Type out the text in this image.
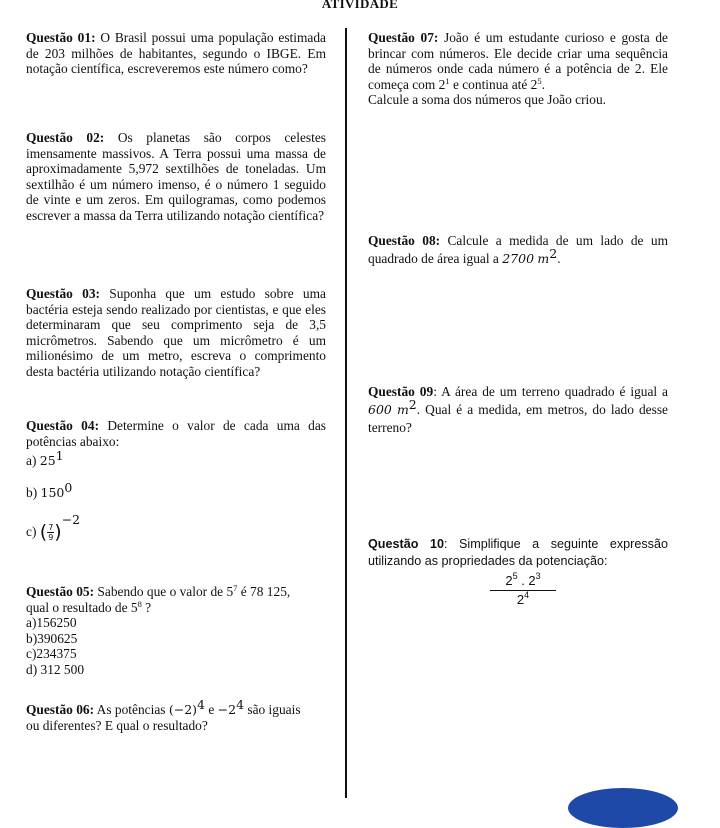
ATIVIDADE
Questão 01: O Brasil possui uma população estimada de 203 milhões de habitantes, segundo o IBGE. Em notação científica, escreveremos este número como?
Questão 02: Os planetas são corpos celestes imensamente massivos. A Terra possui uma massa de aproximadamente 5,972 sextilhões de toneladas. Um sextilhão é um número imenso, é o número 1 seguido de vinte e um zeros. Em quilogramas, como podemos escrever a massa da Terra utilizando notação científica?
Questão 03: Suponha que um estudo sobre uma bactéria esteja sendo realizado por cientistas, e que eles determinaram que seu comprimento seja de 3,5 micrômetros. Sabendo que um micrômetro é um milionésimo de um metro, escreva o comprimento desta bactéria utilizando notação científica?
Questão 04: Determine o valor de cada uma das potências abaixo:
a) $25^1$
b) $150^0$
c) ( $\frac{7}{9} )^{-2}$
Questão 05: Sabendo que o valor de $5^7$ é 78 125,
qual o resultado de $5^8$ ?
a)156250
b)390625
c)234375
d) 312 500
Questão 06: As potências $(-2)^4$ $e -2^4$ são iguais
ou diferentes? E qual o resultado?
Questão 07: João é um estudante curioso e gosta de brincar com números. Ele decide criar uma sequência de números onde cada número é a potência de 2. Ele começa com $2^1$ e continua até $2^5$.
Calcule a soma dos números que João criou.
Questão 08: Calcule a medida de um lado de um quadrado de área igual a 2700 $m^2$.
Questão 09: A área de um terreno quadrado é igual a 600 $m^2$. Qual é a medida, em metros, do lado desse terreno?
Questão 10: Simplifique a seguinte expressão utilizando as propriedades da potenciação:
$\frac{2^5 . 2^3}{2^4}$
